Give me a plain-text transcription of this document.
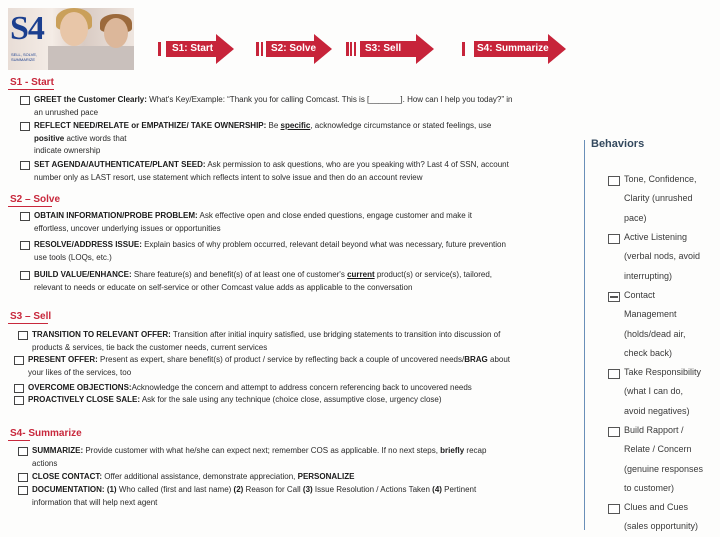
S4
SELL, SOLVE, SUMMARIZE
S1: Start	S2: Solve	S3: Sell	S4: Summarize
S1 - Start
GREET the Customer Clearly: What's Key/Example: “Thank you for calling Comcast. This is [_______]. How can I help you today?” in
an unrushed pace
REFLECT NEED/RELATE or EMPATHIZE/ TAKE OWNERSHIP: Be specific, acknowledge circumstance or stated feelings, use
positive active words that
indicate ownership
SET AGENDA/AUTHENTICATE/PLANT SEED: Ask permission to ask questions, who are you speaking with? Last 4 of SSN, account
number only as LAST resort, use statement which reflects intent to solve issue and then do an account review
S2 – Solve
OBTAIN INFORMATION/PROBE PROBLEM: Ask effective open and close ended questions, engage customer and make it
effortless, uncover underlying issues or opportunities
RESOLVE/ADDRESS ISSUE: Explain basics of why problem occurred, relevant detail beyond what was necessary, future prevention
use tools (LOQs, etc.)
BUILD VALUE/ENHANCE: Share feature(s) and benefit(s) of at least one of customer's current product(s) or service(s), tailored,
relevant to needs or educate on self-service or other Comcast value adds as applicable to the conversation
S3 – Sell
TRANSITION TO RELEVANT OFFER: Transition after initial inquiry satisfied, use bridging statements to transition into discussion of
products & services, tie back the customer needs, current services
PRESENT OFFER: Present as expert, share benefit(s) of product / service by reflecting back a couple of uncovered needs/BRAG about
your likes of the services, too
OVERCOME OBJECTIONS:Acknowledge the concern and attempt to address concern referencing back to uncovered needs
PROACTIVELY CLOSE SALE: Ask for the sale using any technique (choice close, assumptive close, urgency close)
S4- Summarize
SUMMARIZE: Provide customer with what he/she can expect next; remember COS as applicable. If no next steps, briefly recap
actions
CLOSE CONTACT: Offer additional assistance, demonstrate appreciation, PERSONALIZE
DOCUMENTATION: (1) Who called (first and last name) (2) Reason for Call (3) Issue Resolution / Actions Taken (4) Pertinent
information that will help next agent
Behaviors
Tone, Confidence,
Clarity (unrushed
pace)
Active Listening
(verbal nods, avoid
interrupting)
Contact
Management
(holds/dead air,
check back)
Take Responsibility
(what I can do,
avoid negatives)
Build Rapport /
Relate / Concern
(genuine responses
to customer)
Clues and Cues
(sales opportunity)
